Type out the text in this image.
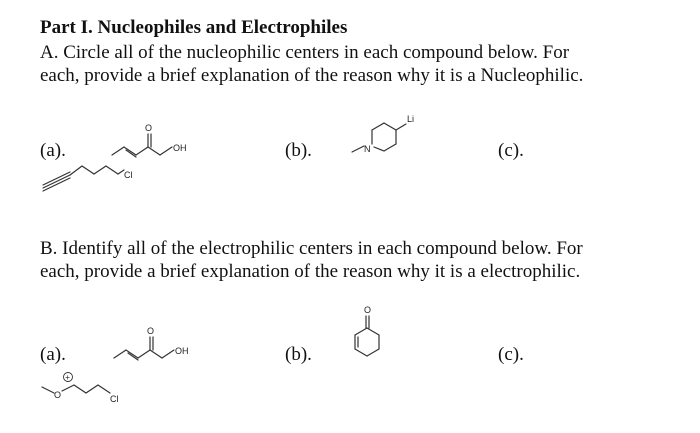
Part I. Nucleophiles and Electrophiles
A. Circle all of the nucleophilic centers in each compound below. For
each, provide a brief explanation of the reason why it is a Nucleophilic.
(a).	(b).	(c).
Cl
O
OH	N
Li
B. Identify all of the electrophilic centers in each compound below. For
each, provide a brief explanation of the reason why it is a electrophilic.
(a).	(b).	(c).
O
OH
O
+
Cl
O
